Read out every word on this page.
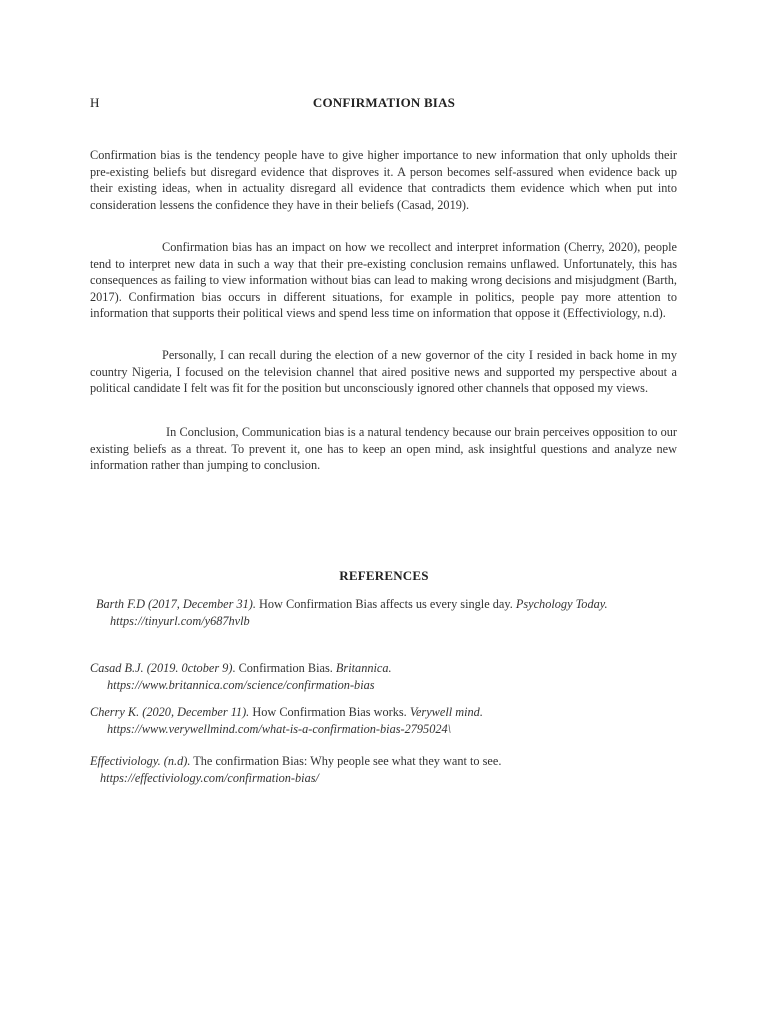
H	CONFIRMATION BIAS

Confirmation bias is the tendency people have to give higher importance to new information that only upholds their pre-existing beliefs but disregard evidence that disproves it. A person becomes self-assured when evidence back up their existing ideas, when in actuality disregard all evidence that contradicts them evidence which when put into consideration lessens the confidence they have in their beliefs (Casad, 2019).

Confirmation bias has an impact on how we recollect and interpret information (Cherry, 2020), people tend to interpret new data in such a way that their pre-existing conclusion remains unflawed. Unfortunately, this has consequences as failing to view information without bias can lead to making wrong decisions and misjudgment (Barth, 2017). Confirmation bias occurs in different situations, for example in politics, people pay more attention to information that supports their political views and spend less time on information that oppose it (Effectiviology, n.d).

Personally, I can recall during the election of a new governor of the city I resided in back home in my country Nigeria, I focused on the television channel that aired positive news and supported my perspective about a political candidate I felt was fit for the position but unconsciously ignored other channels that opposed my views.

In Conclusion, Communication bias is a natural tendency because our brain perceives opposition to our existing beliefs as a threat. To prevent it, one has to keep an open mind, ask insightful questions and analyze new information rather than jumping to conclusion.

REFERENCES
Barth F.D (2017, December 31). How Confirmation Bias affects us every single day. Psychology Today.
https://tinyurl.com/y687hvlb
Casad B.J. (2019. 0ctober 9). Confirmation Bias. Britannica.
https://www.britannica.com/science/confirmation-bias
Cherry K. (2020, December 11). How Confirmation Bias works. Verywell mind.
https://www.verywellmind.com/what-is-a-confirmation-bias-2795024\
Effectiviology. (n.d). The confirmation Bias: Why people see what they want to see.
https://effectiviology.com/confirmation-bias/
